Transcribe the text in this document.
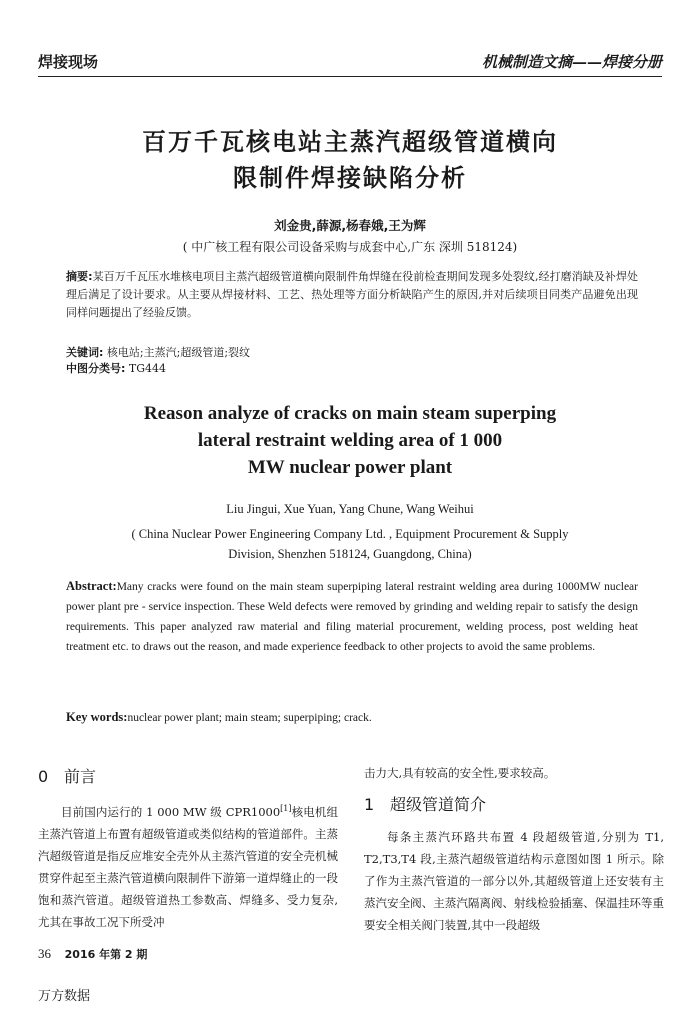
焊接现场	机械制造文摘——焊接分册
百万千瓦核电站主蒸汽超级管道横向
限制件焊接缺陷分析
刘金贵,薛源,杨春娥,王为辉
( 中广核工程有限公司设备采购与成套中心,广东 深圳 518124)
摘要:某百万千瓦压水堆核电项目主蒸汽超级管道横向限制件角焊缝在役前检查期间发现多处裂纹,经打磨消缺及补焊处理后满足了设计要求。从主要从焊接材料、工艺、热处理等方面分析缺陷产生的原因,并对后续项目同类产品避免出现同样问题提出了经验反馈。
关键词: 核电站;主蒸汽;超级管道;裂纹
中图分类号: TG444
Reason analyze of cracks on main steam superping
lateral restraint welding area of 1 000
MW nuclear power plant
Liu Jingui, Xue Yuan, Yang Chune, Wang Weihui
( China Nuclear Power Engineering Company Ltd. , Equipment Procurement & Supply
Division, Shenzhen 518124, Guangdong, China)
Abstract:Many cracks were found on the main steam superpiping lateral restraint welding area during 1000MW nuclear power plant pre - service inspection. These Weld defects were removed by grinding and welding repair to satisfy the design requirements. This paper analyzed raw material and filing material procurement, welding process, post welding heat treatment etc. to draws out the reason, and made experience feedback to other projects to avoid the same problems.
Key words:nuclear power plant; main steam; superpiping; crack.
0 前言

目前国内运行的 1 000 MW 级 CPR1000[1]核电机组主蒸汽管道上布置有超级管道或类似结构的管道部件。主蒸汽超级管道是指反应堆安全壳外从主蒸汽管道的安全壳机械贯穿件起至主蒸汽管道横向限制件下游第一道焊缝止的一段饱和蒸汽管道。超级管道热工参数高、焊缝多、受力复杂,尤其在事故工况下所受冲

击力大,具有较高的安全性,要求较高。

1 超级管道简介

每条主蒸汽环路共布置 4 段超级管道,分别为 T1, T2,T3,T4 段,主蒸汽超级管道结构示意图如图 1 所示。除了作为主蒸汽管道的一部分以外,其超级管道上还安装有主蒸汽安全阀、主蒸汽隔离阀、射线检验插塞、保温挂环等重要安全相关阀门装置,其中一段超级

36 2016 年第 2 期
万方数据
